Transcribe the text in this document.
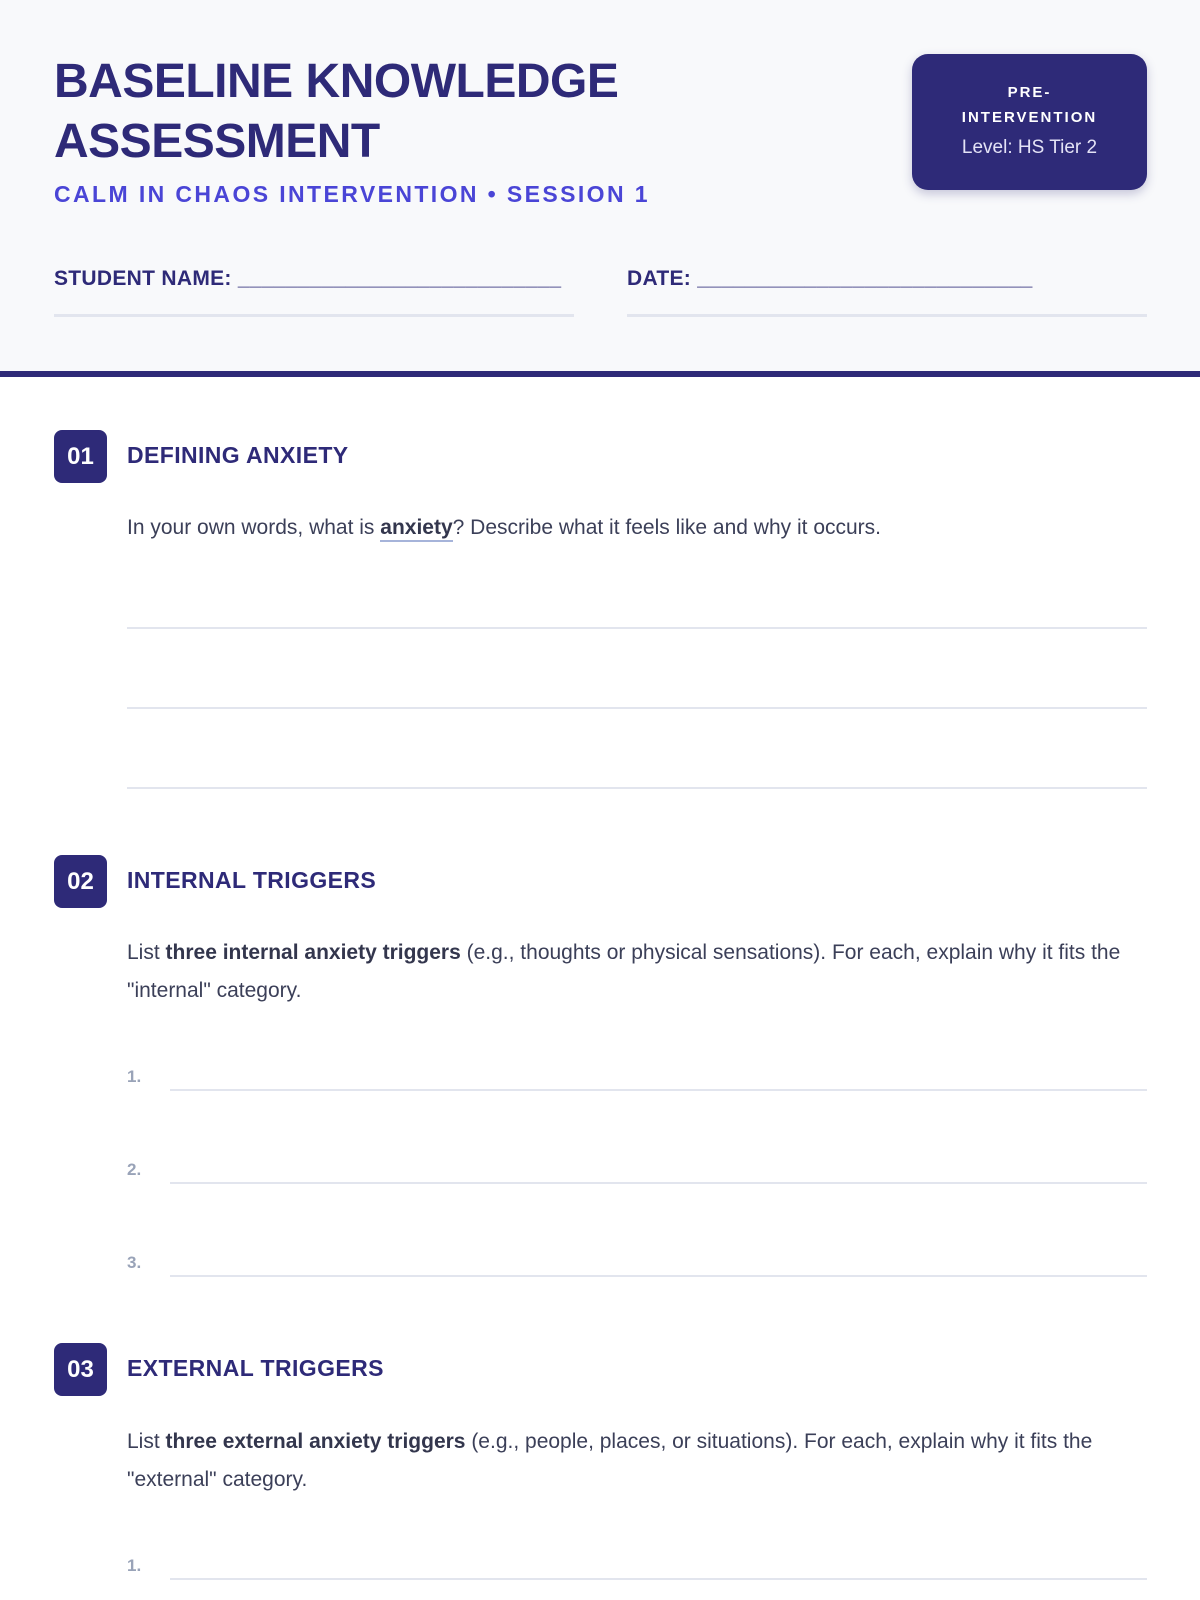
BASELINE KNOWLEDGE ASSESSMENT
CALM IN CHAOS INTERVENTION • SESSION 1
PRE-INTERVENTION
Level: HS Tier 2
STUDENT NAME: ___________________________	DATE: ____________________________
01	DEFINING ANXIETY
In your own words, what is anxiety? Describe what it feels like and why it occurs.
02	INTERNAL TRIGGERS
List three internal anxiety triggers (e.g., thoughts or physical sensations). For each, explain why it fits the "internal" category.
1.
2.
3.
03	EXTERNAL TRIGGERS
List three external anxiety triggers (e.g., people, places, or situations). For each, explain why it fits the "external" category.
1.
